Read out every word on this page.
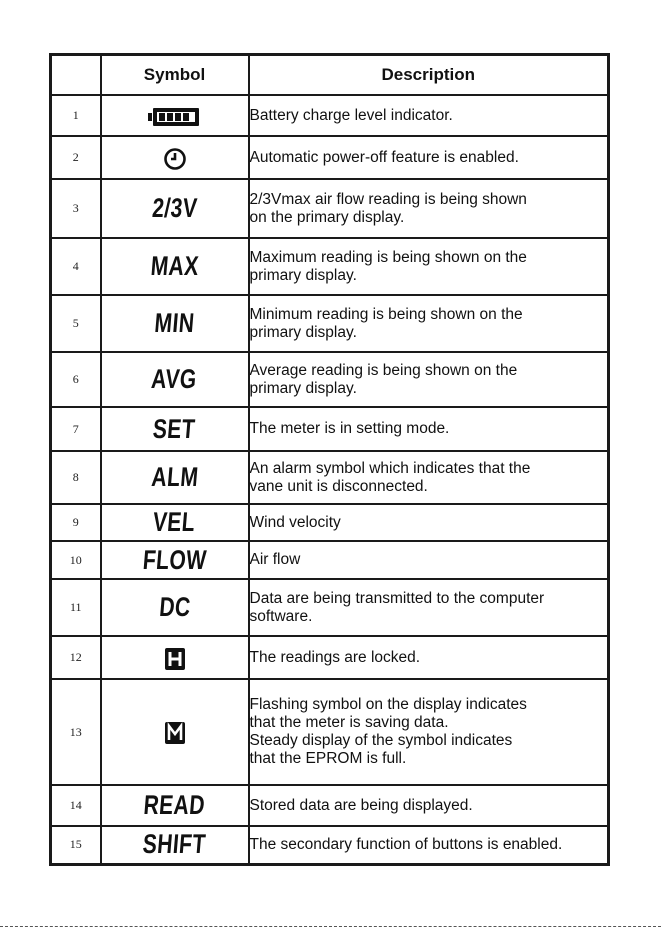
	Symbol	Description
1		Battery charge level indicator.
2		Automatic power-off feature is enabled.
3	2/3V	2/3Vmax air flow reading is being shown
on the primary display.
4	MAX	Maximum reading is being shown on the
primary display.
5	MIN	Minimum reading is being shown on the
primary display.
6	AVG	Average reading is being shown on the
primary display.
7	SET	The meter is in setting mode.
8	ALM	An alarm symbol which indicates that the
vane unit is disconnected.
9	VEL	Wind velocity
10	FLOW	Air flow
11	DC	Data are being transmitted to the computer
software.
12		The readings are locked.
13		Flashing symbol on the display indicates
that the meter is saving data.
Steady display of the symbol indicates
that the EPROM is full.
14	READ	Stored data are being displayed.
15	SHIFT	The secondary function of buttons is enabled.
